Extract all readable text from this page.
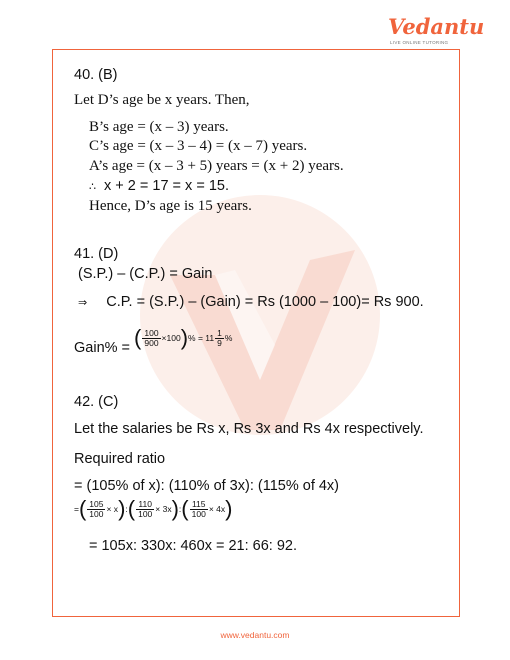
Vedantu
LIVE ONLINE TUTORING
40. (B)
Let D’s age be x years. Then,
B’s age = (x – 3) years.
C’s age = (x – 3 – 4) = (x – 7) years.
A’s age = (x – 3 + 5) years = (x + 2) years.
∴ x + 2 = 17 = x = 15.
Hence, D’s age is 15 years.
41. (D)
(S.P.) – (C.P.) = Gain
⇒ C.P. = (S.P.) – (Gain) = Rs (1000 – 100)= Rs 900.
Gain% = ( $\frac{100}{900} \times 100$ ) % = $11 \frac{1}{9}$ %
42. (C)
Let the salaries be Rs x, Rs 3x and Rs 4x respectively.
Required ratio
= (105% of x): (110% of 3x): (115% of 4x)
= ( $\frac{105}{100} \times x$ ) : ( $\frac{110}{100} \times 3x$ ) : ( $\frac{115}{100} \times 4x$ )
= 105x: 330x: 460x = 21: 66: 92.
www.vedantu.com
